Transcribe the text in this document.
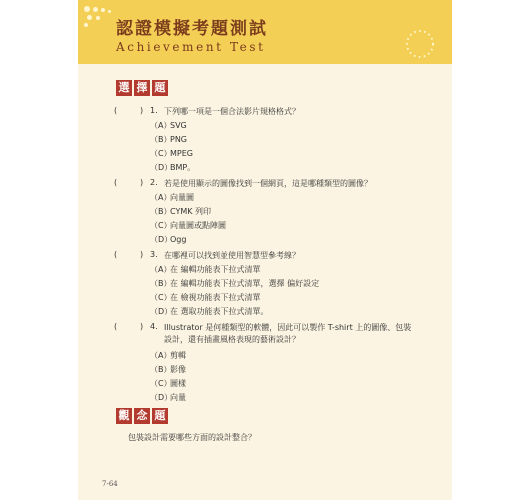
認證模擬考題測試
Achievement Test
選 擇 題
(	) 1. 下列哪一項是一個合法影片規格格式？
（A）SVG
（B）PNG
（C）MPEG
（D）BMP。
(	) 2. 若是使用顯示的圖像找到一個網頁，這是哪種類型的圖像？
（A）向量圖
（B）CYMK 列印
（C）向量圖或點陣圖
（D）Ogg
(	) 3. 在哪裡可以找到並使用智慧型參考線？
（A）在 編輯功能表下拉式清單
（B）在 編輯功能表下拉式清單，選擇 偏好設定
（C）在 檢視功能表下拉式清單
（D）在 選取功能表下拉式清單。
(	) 4. Illustrator 是何種類型的軟體，因此可以製作 T-shirt 上的圖像、包裝設計，還有插畫風格表現的藝術設計？
（A）剪輯
（B）影像
（C）圖樣
（D）向量
觀 念 題
包裝設計需要哪些方面的設計整合？
7-64
